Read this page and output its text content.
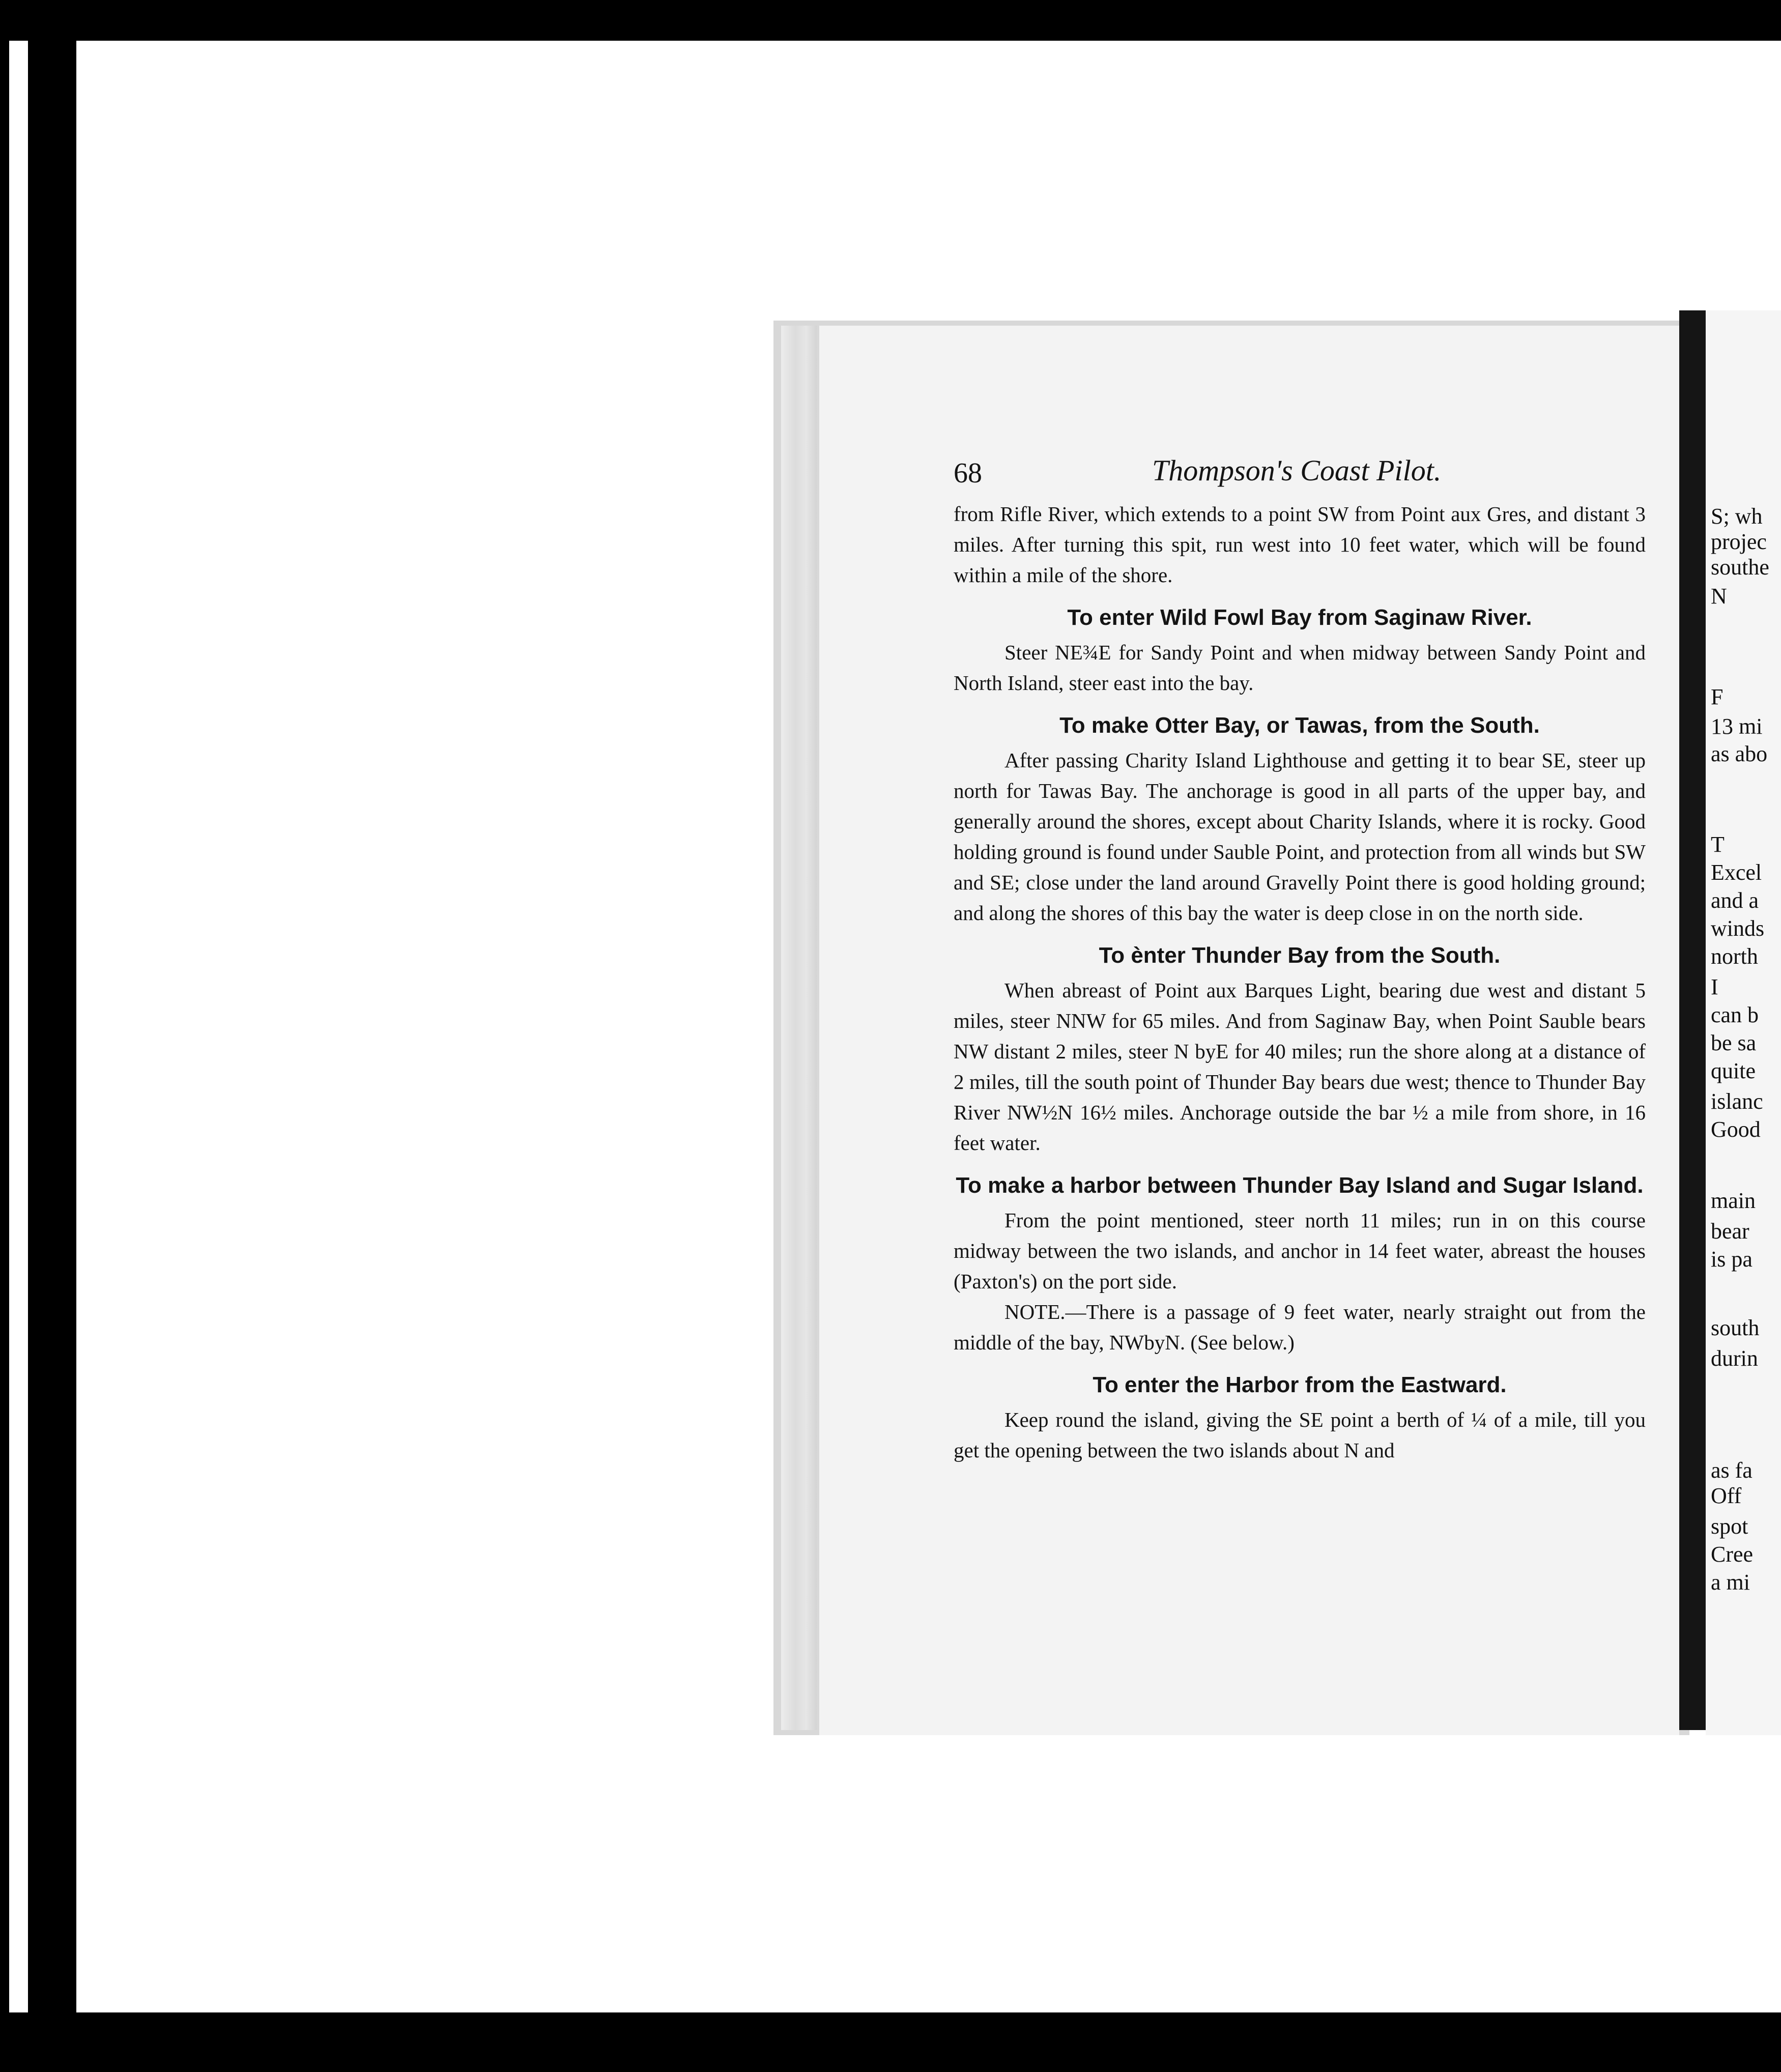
S; wh
projec
southe
N
F
13 mi
as abo
T
Excel
and a
winds
north
I
can b
be sa
quite
islanc
Good
main
bear
is pa
south
durin
as fa
Off
spot
Cree
a mi
68	Thompson's Coast Pilot.

from Rifle River, which extends to a point SW from Point aux Gres, and distant 3 miles. After turning this spit, run west into 10 feet water, which will be found within a mile of the shore.

To enter Wild Fowl Bay from Saginaw River.

Steer NE¾E for Sandy Point and when midway between Sandy Point and North Island, steer east into the bay.

To make Otter Bay, or Tawas, from the South.

After passing Charity Island Lighthouse and getting it to bear SE, steer up north for Tawas Bay. The anchorage is good in all parts of the upper bay, and generally around the shores, except about Charity Islands, where it is rocky. Good holding ground is found under Sauble Point, and protection from all winds but SW and SE; close under the land around Gravelly Point there is good holding ground; and along the shores of this bay the water is deep close in on the north side.

To ènter Thunder Bay from the South.

When abreast of Point aux Barques Light, bearing due west and distant 5 miles, steer NNW for 65 miles. And from Saginaw Bay, when Point Sauble bears NW distant 2 miles, steer N byE for 40 miles; run the shore along at a distance of 2 miles, till the south point of Thunder Bay bears due west; thence to Thunder Bay River NW½N 16½ miles. Anchorage outside the bar ½ a mile from shore, in 16 feet water.

To make a harbor between Thunder Bay Island and Sugar Island.

From the point mentioned, steer north 11 miles; run in on this course midway between the two islands, and anchor in 14 feet water, abreast the houses (Paxton's) on the port side.

NOTE.—There is a passage of 9 feet water, nearly straight out from the middle of the bay, NWbyN. (See below.)

To enter the Harbor from the Eastward.

Keep round the island, giving the SE point a berth of ¼ of a mile, till you get the opening between the two islands about N and
